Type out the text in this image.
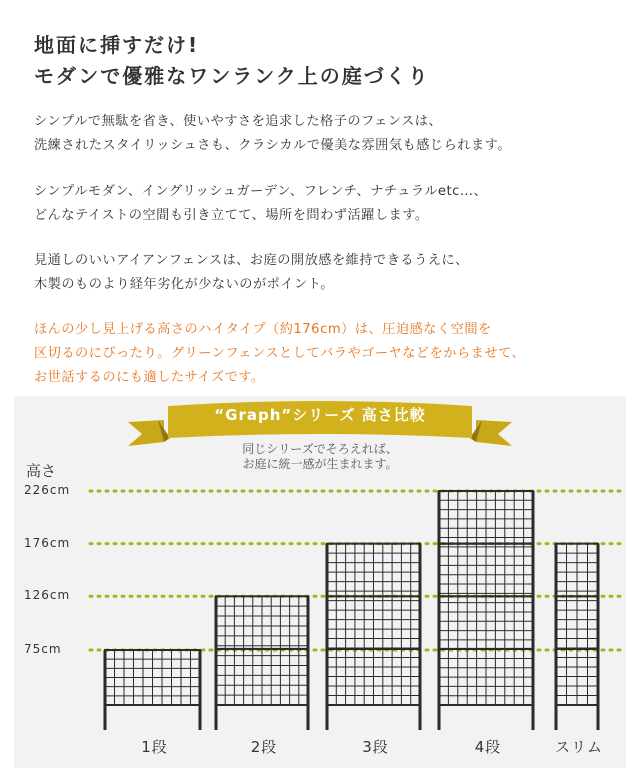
地面に挿すだけ!
モダンで優雅なワンランク上の庭づくり
シンプルで無駄を省き、使いやすさを追求した格子のフェンスは、
洗練されたスタイリッシュさも、クラシカルで優美な雰囲気も感じられます。
シンプルモダン、イングリッシュガーデン、フレンチ、ナチュラルetc…、
どんなテイストの空間も引き立てて、場所を問わず活躍します。
見通しのいいアイアンフェンスは、お庭の開放感を維持できるうえに、
木製のものより経年劣化が少ないのがポイント。
ほんの少し見上げる高さのハイタイプ（約176cm）は、圧迫感なく空間を
区切るのにぴったり。グリーンフェンスとしてバラやゴーヤなどをからませて、
お世話するのにも適したサイズです。
“Graph”シリーズ 高さ比較
同じシリーズでそろえれば、
お庭に統一感が生まれます。
高さ
75cm
126cm
176cm
226cm
1段	2段	3段	4段	スリム
